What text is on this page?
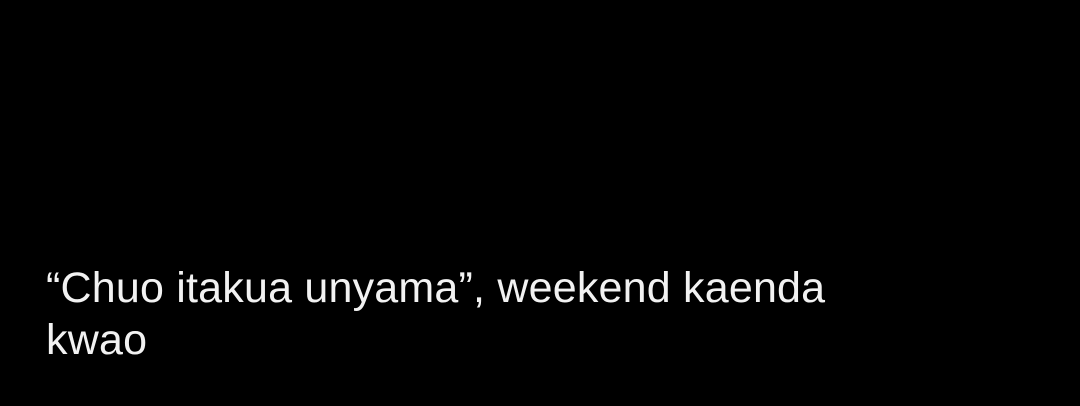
“Chuo itakua unyama”, weekend kaenda
kwao
